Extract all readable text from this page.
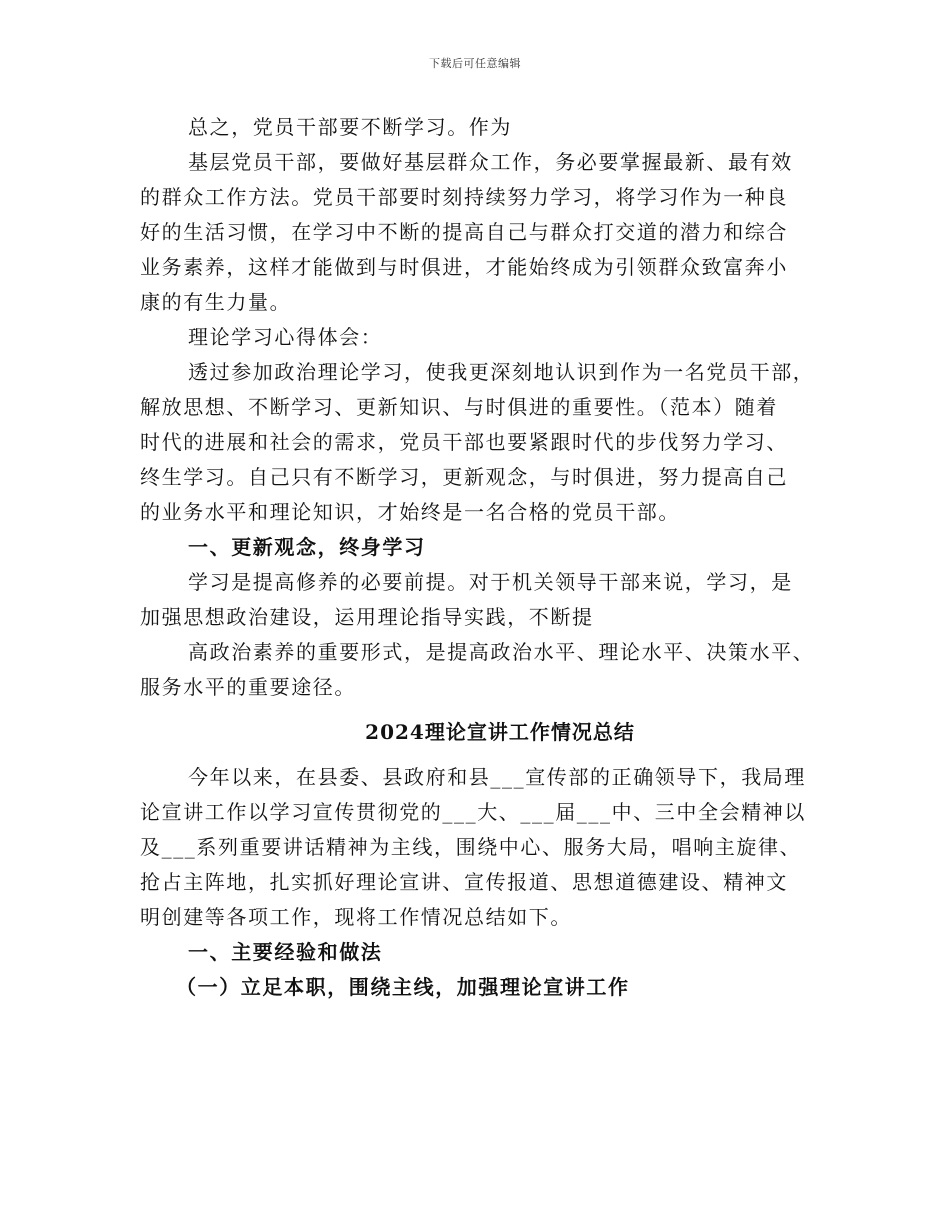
下载后可任意编辑
总之，党员干部要不断学习。作为
基层党员干部，要做好基层群众工作，务必要掌握最新、最有效
的群众工作方法。党员干部要时刻持续努力学习，将学习作为一种良
好的生活习惯，在学习中不断的提高自己与群众打交道的潜力和综合
业务素养，这样才能做到与时俱进，才能始终成为引领群众致富奔小
康的有生力量。
理论学习心得体会：
透过参加政治理论学习，使我更深刻地认识到作为一名党员干部，
解放思想、不断学习、更新知识、与时俱进的重要性。（范本）随着
时代的进展和社会的需求，党员干部也要紧跟时代的步伐努力学习、
终生学习。自己只有不断学习，更新观念，与时俱进，努力提高自己
的业务水平和理论知识，才始终是一名合格的党员干部。
一、更新观念，终身学习
学习是提高修养的必要前提。对于机关领导干部来说，学习，是
加强思想政治建设，运用理论指导实践，不断提
高政治素养的重要形式，是提高政治水平、理论水平、决策水平、
服务水平的重要途径。
2024理论宣讲工作情况总结
今年以来，在县委、县政府和县___宣传部的正确领导下，我局理
论宣讲工作以学习宣传贯彻党的___大、___届___中、三中全会精神以
及___系列重要讲话精神为主线，围绕中心、服务大局，唱响主旋律、
抢占主阵地，扎实抓好理论宣讲、宣传报道、思想道德建设、精神文
明创建等各项工作，现将工作情况总结如下。
一、主要经验和做法
（一）立足本职，围绕主线，加强理论宣讲工作
